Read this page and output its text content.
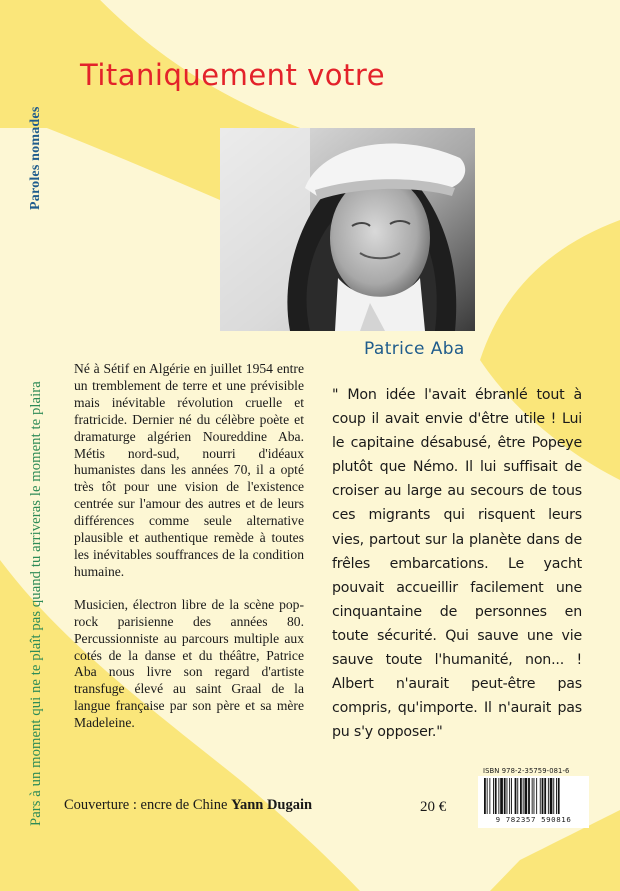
Paroles nomades
Pars à un moment qui ne te plaît pas quand tu arriveras le moment te plaira
Titaniquement votre
Patrice Aba

Né à Sétif en Algérie en juillet 1954 entre un tremblement de terre et une prévisible mais inévitable révolution cruelle et fratricide. Dernier né du célèbre poète et dramaturge algérien Noureddine Aba. Métis nord-sud, nourri d'idéaux humanistes dans les années 70, il a opté très tôt pour une vision de l'existence centrée sur l'amour des autres et de leurs différences comme seule alternative plausible et authentique remède à toutes les inévitables souffrances de la condition humaine.

Musicien, électron libre de la scène pop-rock parisienne des années 80. Percussionniste au parcours multiple aux cotés de la danse et du théâtre, Patrice Aba nous livre son regard d'artiste transfuge élevé au saint Graal de la langue française par son père et sa mère Madeleine.

" Mon idée l'avait ébranlé tout à coup il avait envie d'être utile ! Lui le capitaine désabusé, être Popeye plutôt que Némo. Il lui suffisait de croiser au large au secours de tous ces migrants qui risquent leurs vies, partout sur la planète dans de frêles embarcations. Le yacht pouvait accueillir facilement une cinquantaine de personnes en toute sécurité. Qui sauve une vie sauve toute l'humanité, non... ! Albert n'aurait peut-être pas compris, qu'importe. Il n'aurait pas pu s'y opposer."
Couverture : encre de Chine Yann Dugain	20 €
ISBN 978-2-35759-081-6
9 782357 590816
